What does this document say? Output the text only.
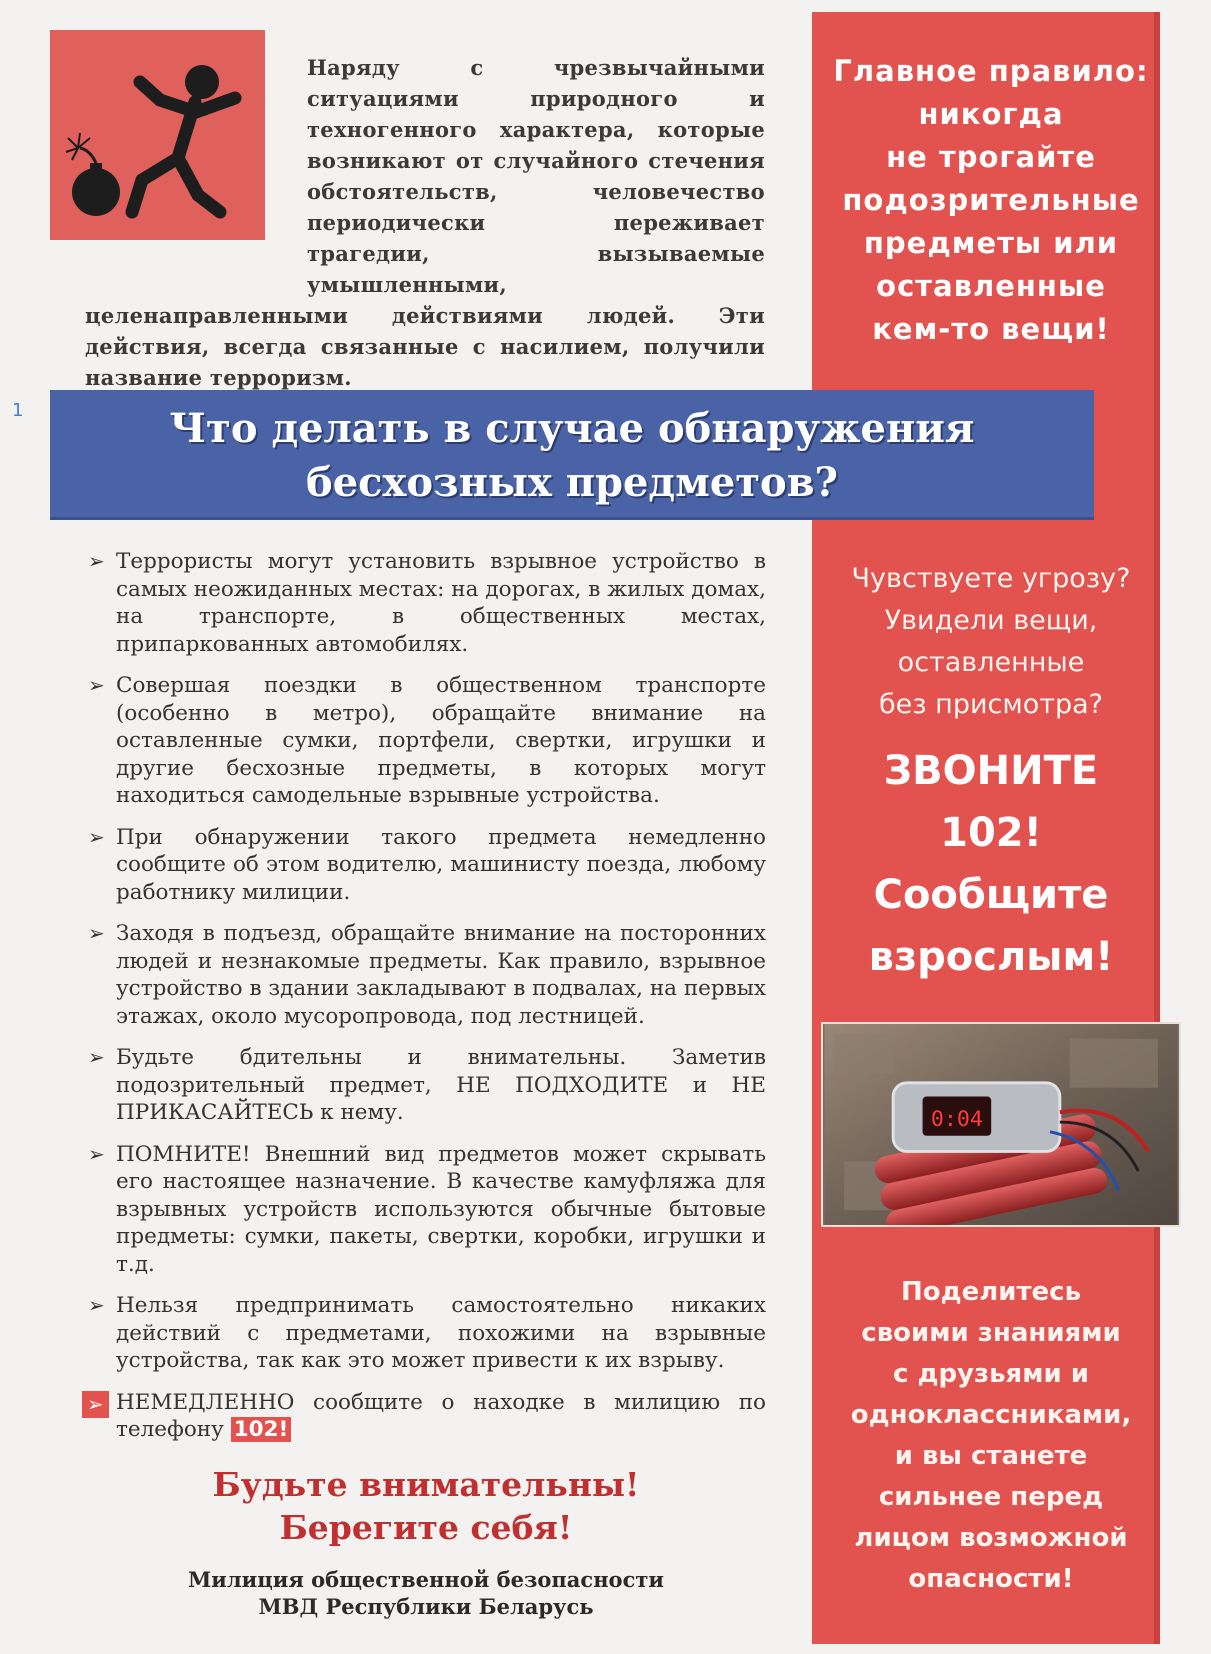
Наряду с чрезвычайными ситуациями природного и техногенного характера, которые возникают от случайного стечения обстоятельств, человечество периодически переживает трагедии, вызываемые умышленными, целенаправленными действиями людей. Эти действия, всегда связанные с насилием, получили название терроризм.
Главное правило:
никогда
не трогайте
подозрительные
предметы или
оставленные
кем-то вещи!
1	Что делать в случае обнаружения
бесхозных предметов?
➢ Террористы могут установить взрывное устройство в самых неожиданных местах: на дорогах, в жилых домах, на транспорте, в общественных местах, припаркованных автомобилях.
➢ Совершая поездки в общественном транспорте (особенно в метро), обращайте внимание на оставленные сумки, портфели, свертки, игрушки и другие бесхозные предметы, в которых могут находиться самодельные взрывные устройства.
➢ При обнаружении такого предмета немедленно сообщите об этом водителю, машинисту поезда, любому работнику милиции.
➢ Заходя в подъезд, обращайте внимание на посторонних людей и незнакомые предметы. Как правило, взрывное устройство в здании закладывают в подвалах, на первых этажах, около мусоропровода, под лестницей.
➢ Будьте бдительны и внимательны. Заметив подозрительный предмет, НЕ ПОДХОДИТЕ и НЕ ПРИКАСАЙТЕСЬ к нему.
➢ ПОМНИТЕ! Внешний вид предметов может скрывать его настоящее назначение. В качестве камуфляжа для взрывных устройств используются обычные бытовые предметы: сумки, пакеты, свертки, коробки, игрушки и т.д.
➢ Нельзя предпринимать самостоятельно никаких действий с предметами, похожими на взрывные устройства, так как это может привести к их взрыву.
➢ НЕМЕДЛЕННО сообщите о находке в милицию по телефону 102!
Чувствуете угрозу?
Увидели вещи,
оставленные
без присмотра?
ЗВОНИТЕ
102!
Сообщите
взрослым!
0:04
Поделитесь
своими знаниями
с друзьями и
одноклассниками,
и вы станете
сильнее перед
лицом возможной
опасности!
Будьте внимательны!
Берегите себя!
Милиция общественной безопасности
МВД Республики Беларусь
